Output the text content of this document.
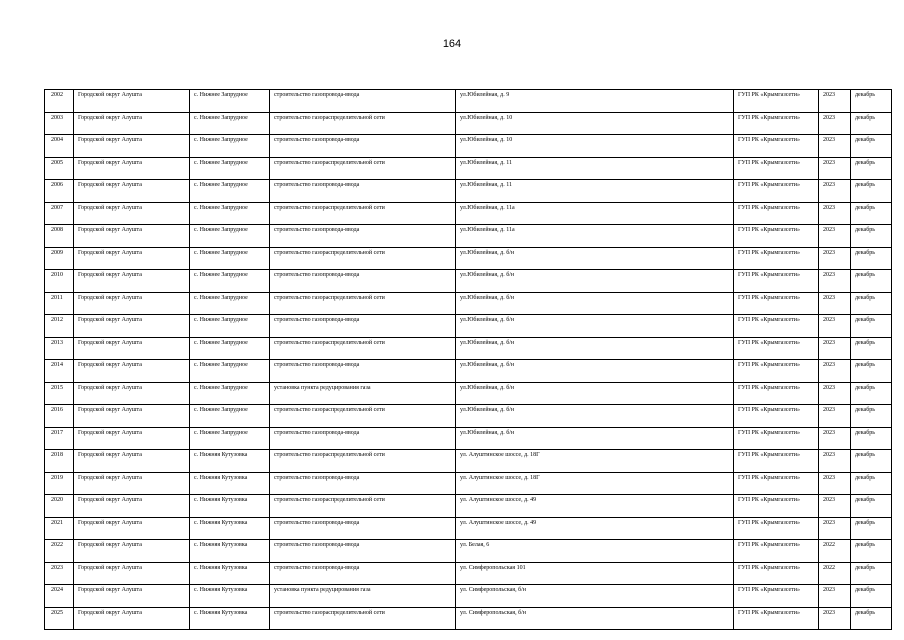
164
2002	Городской округ Алушта	с. Нижнее Запрудное	строительство газопровода-ввода	ул.Юбилейная, д. 9	ГУП РК «Крымгазсети»	2023	декабрь
2003	Городской округ Алушта	с. Нижнее Запрудное	строительство газораспределительной сети	ул.Юбилейная, д. 10	ГУП РК «Крымгазсети»	2023	декабрь
2004	Городской округ Алушта	с. Нижнее Запрудное	строительство газопровода-ввода	ул.Юбилейная, д. 10	ГУП РК «Крымгазсети»	2023	декабрь
2005	Городской округ Алушта	с. Нижнее Запрудное	строительство газораспределительной сети	ул.Юбилейная, д. 11	ГУП РК «Крымгазсети»	2023	декабрь
2006	Городской округ Алушта	с. Нижнее Запрудное	строительство газопровода-ввода	ул.Юбилейная, д. 11	ГУП РК «Крымгазсети»	2023	декабрь
2007	Городской округ Алушта	с. Нижнее Запрудное	строительство газораспределительной сети	ул.Юбилейная, д. 11а	ГУП РК «Крымгазсети»	2023	декабрь
2008	Городской округ Алушта	с. Нижнее Запрудное	строительство газопровода-ввода	ул.Юбилейная, д. 11а	ГУП РК «Крымгазсети»	2023	декабрь
2009	Городской округ Алушта	с. Нижнее Запрудное	строительство газораспределительной сети	ул.Юбилейная, д. б/н	ГУП РК «Крымгазсети»	2023	декабрь
2010	Городской округ Алушта	с. Нижнее Запрудное	строительство газопровода-ввода	ул.Юбилейная, д. б/н	ГУП РК «Крымгазсети»	2023	декабрь
2011	Городской округ Алушта	с. Нижнее Запрудное	строительство газораспределительной сети	ул.Юбилейная, д. б/н	ГУП РК «Крымгазсети»	2023	декабрь
2012	Городской округ Алушта	с. Нижнее Запрудное	строительство газопровода-ввода	ул.Юбилейная, д. б/н	ГУП РК «Крымгазсети»	2023	декабрь
2013	Городской округ Алушта	с. Нижнее Запрудное	строительство газораспределительной сети	ул.Юбилейная, д. б/н	ГУП РК «Крымгазсети»	2023	декабрь
2014	Городской округ Алушта	с. Нижнее Запрудное	строительство газопровода-ввода	ул.Юбилейная, д. б/н	ГУП РК «Крымгазсети»	2023	декабрь
2015	Городской округ Алушта	с. Нижнее Запрудное	установка пункта редуцирования газа	ул.Юбилейная, д. б/н	ГУП РК «Крымгазсети»	2023	декабрь
2016	Городской округ Алушта	с. Нижнее Запрудное	строительство газораспределительной сети	ул.Юбилейная, д. б/н	ГУП РК «Крымгазсети»	2023	декабрь
2017	Городской округ Алушта	с. Нижнее Запрудное	строительство газопровода-ввода	ул.Юбилейная, д. б/н	ГУП РК «Крымгазсети»	2023	декабрь
2018	Городской округ Алушта	с. Нижняя Кутузовка	строительство газораспределительной сети	ул. Алуштинское шоссе, д. 18Г	ГУП РК «Крымгазсети»	2023	декабрь
2019	Городской округ Алушта	с. Нижняя Кутузовка	строительство газопровода-ввода	ул. Алуштинское шоссе, д. 18Г	ГУП РК «Крымгазсети»	2023	декабрь
2020	Городской округ Алушта	с. Нижняя Кутузовка	строительство газораспределительной сети	ул. Алуштинское шоссе, д. 49	ГУП РК «Крымгазсети»	2023	декабрь
2021	Городской округ Алушта	с. Нижняя Кутузовка	строительство газопровода-ввода	ул. Алуштинское шоссе, д. 49	ГУП РК «Крымгазсети»	2023	декабрь
2022	Городской округ Алушта	с. Нижняя Кутузовка	строительство газопровода-ввода	ул. Белая, 6	ГУП РК «Крымгазсети»	2022	декабрь
2023	Городской округ Алушта	с. Нижняя Кутузовка	строительство газопровода-ввода	ул. Симферопольская 101	ГУП РК «Крымгазсети»	2022	декабрь
2024	Городской округ Алушта	с. Нижняя Кутузовка	установка пункта редуцирования газа	ул. Симферопольская, б/н	ГУП РК «Крымгазсети»	2023	декабрь
2025	Городской округ Алушта	с. Нижняя Кутузовка	строительство газораспределительной сети	ул. Симферопольская, б/н	ГУП РК «Крымгазсети»	2023	декабрь
